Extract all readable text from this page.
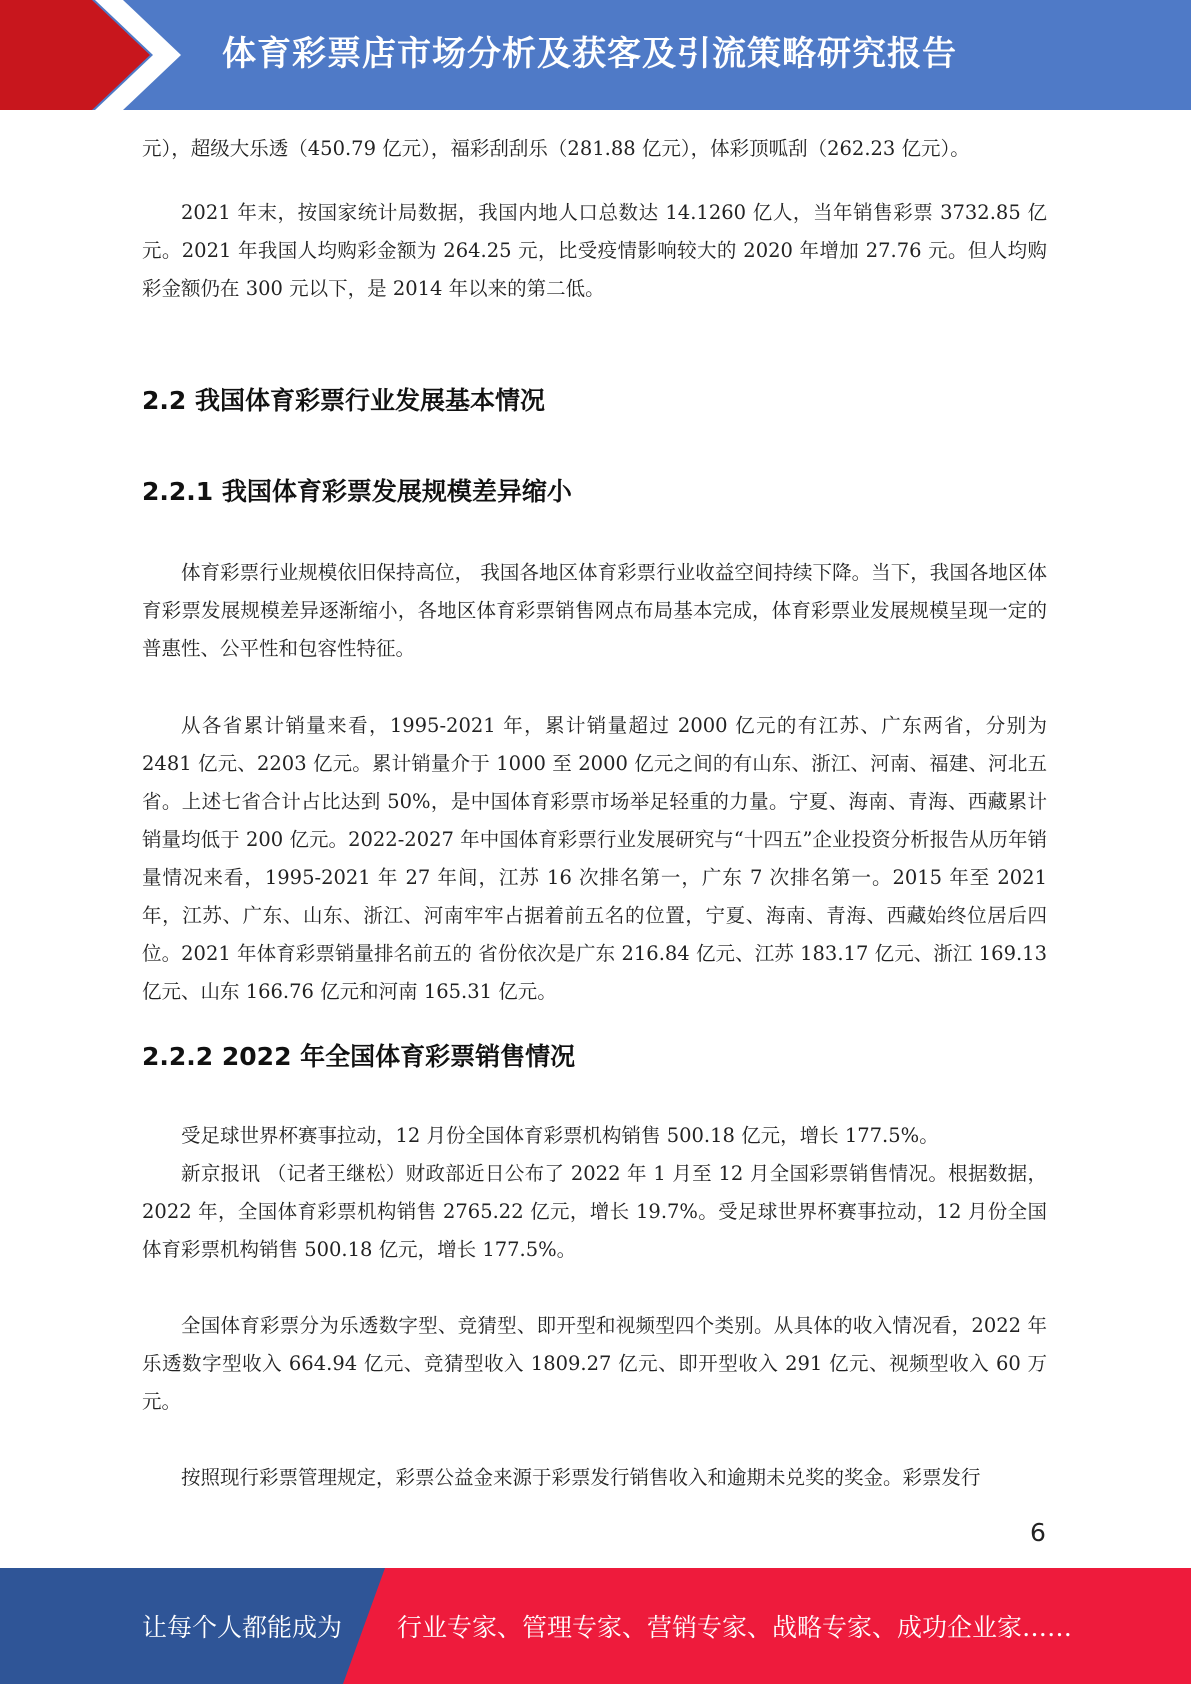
体育彩票店市场分析及获客及引流策略研究报告

元），超级大乐透（450.79 亿元），福彩刮刮乐（281.88 亿元），体彩顶呱刮（262.23 亿元）。

2021 年末，按国家统计局数据，我国内地人口总数达 14.1260 亿人，当年销售彩票 3732.85 亿元。2021 年我国人均购彩金额为 264.25 元，比受疫情影响较大的 2020 年增加 27.76 元。但人均购彩金额仍在 300 元以下，是 2014 年以来的第二低。

2.2 我国体育彩票行业发展基本情况
2.2.1 我国体育彩票发展规模差异缩小

体育彩票行业规模依旧保持高位， 我国各地区体育彩票行业收益空间持续下降。当下，我国各地区体育彩票发展规模差异逐渐缩小，各地区体育彩票销售网点布局基本完成，体育彩票业发展规模呈现一定的普惠性、公平性和包容性特征。

从各省累计销量来看，1995-2021 年，累计销量超过 2000 亿元的有江苏、广东两省，分别为 2481 亿元、2203 亿元。累计销量介于 1000 至 2000 亿元之间的有山东、浙江、河南、福建、河北五省。上述七省合计占比达到 50%，是中国体育彩票市场举足轻重的力量。宁夏、海南、青海、西藏累计销量均低于 200 亿元。2022-2027 年中国体育彩票行业发展研究与“十四五”企业投资分析报告从历年销量情况来看，1995-2021 年 27 年间，江苏 16 次排名第一，广东 7 次排名第一。2015 年至 2021 年，江苏、广东、山东、浙江、河南牢牢占据着前五名的位置，宁夏、海南、青海、西藏始终位居后四位。2021 年体育彩票销量排名前五的 省份依次是广东 216.84 亿元、江苏 183.17 亿元、浙江 169.13 亿元、山东 166.76 亿元和河南 165.31 亿元。

2.2.2 2022 年全国体育彩票销售情况

受足球世界杯赛事拉动，12 月份全国体育彩票机构销售 500.18 亿元，增长 177.5%。

新京报讯 （记者王继松）财政部近日公布了 2022 年 1 月至 12 月全国彩票销售情况。根据数据，2022 年，全国体育彩票机构销售 2765.22 亿元，增长 19.7%。受足球世界杯赛事拉动，12 月份全国体育彩票机构销售 500.18 亿元，增长 177.5%。

全国体育彩票分为乐透数字型、竞猜型、即开型和视频型四个类别。从具体的收入情况看，2022 年乐透数字型收入 664.94 亿元、竞猜型收入 1809.27 亿元、即开型收入 291 亿元、视频型收入 60 万元。

按照现行彩票管理规定，彩票公益金来源于彩票发行销售收入和逾期未兑奖的奖金。彩票发行

6
让每个人都能成为 行业专家、管理专家、营销专家、战略专家、成功企业家……
